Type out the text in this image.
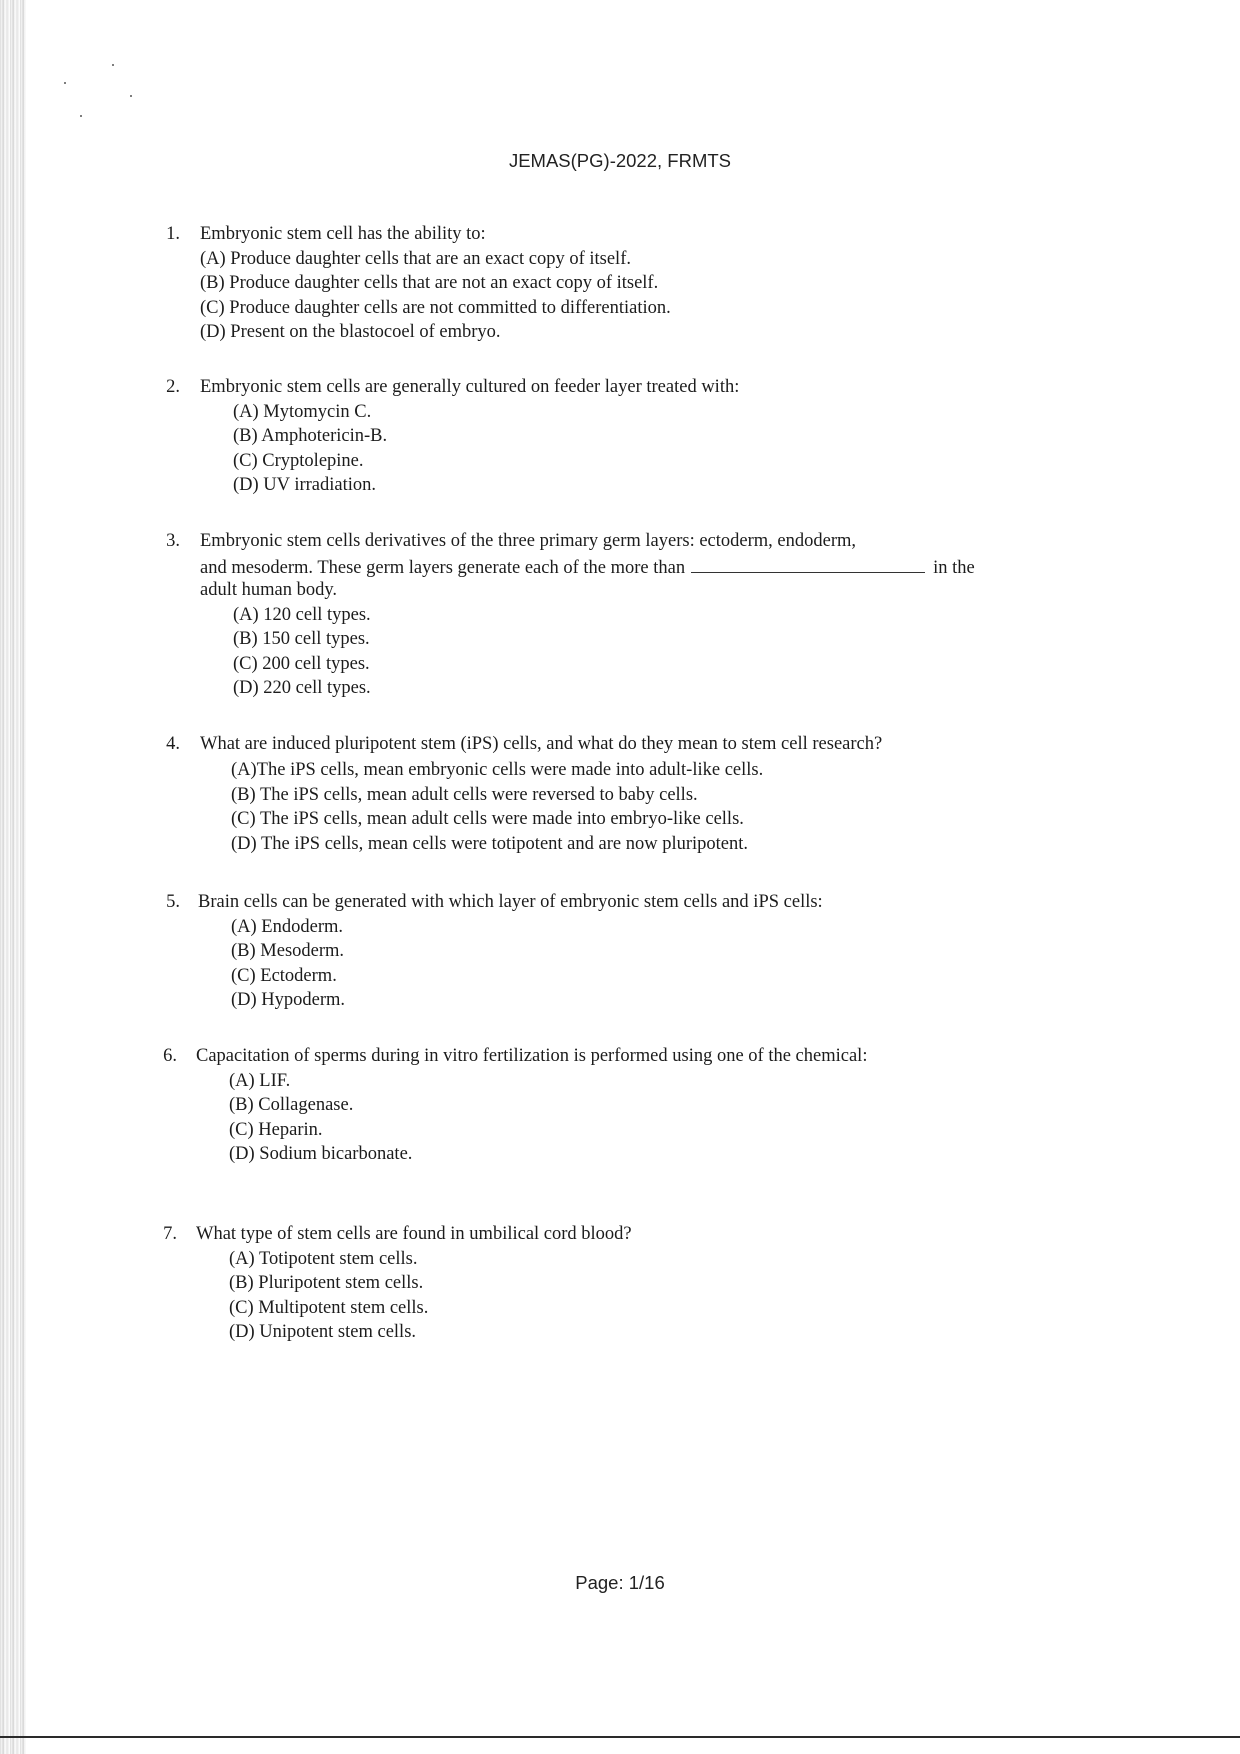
JEMAS(PG)-2022, FRMTS
1. Embryonic stem cell has the ability to:
(A) Produce daughter cells that are an exact copy of itself.
(B) Produce daughter cells that are not an exact copy of itself.
(C) Produce daughter cells are not committed to differentiation.
(D) Present on the blastocoel of embryo.
2. Embryonic stem cells are generally cultured on feeder layer treated with:
(A) Mytomycin C.
(B) Amphotericin-B.
(C) Cryptolepine.
(D) UV irradiation.
3. Embryonic stem cells derivatives of the three primary germ layers: ectoderm, endoderm,
and mesoderm. These germ layers generate each of the more than	in the
adult human body.
(A) 120 cell types.
(B) 150 cell types.
(C) 200 cell types.
(D) 220 cell types.
4. What are induced pluripotent stem (iPS) cells, and what do they mean to stem cell research?
(A)The iPS cells, mean embryonic cells were made into adult-like cells.
(B) The iPS cells, mean adult cells were reversed to baby cells.
(C) The iPS cells, mean adult cells were made into embryo-like cells.
(D) The iPS cells, mean cells were totipotent and are now pluripotent.
5. Brain cells can be generated with which layer of embryonic stem cells and iPS cells:
(A) Endoderm.
(B) Mesoderm.
(C) Ectoderm.
(D) Hypoderm.
6. Capacitation of sperms during in vitro fertilization is performed using one of the chemical:
(A) LIF.
(B) Collagenase.
(C) Heparin.
(D) Sodium bicarbonate.
7. What type of stem cells are found in umbilical cord blood?
(A) Totipotent stem cells.
(B) Pluripotent stem cells.
(C) Multipotent stem cells.
(D) Unipotent stem cells.
Page: 1/16
